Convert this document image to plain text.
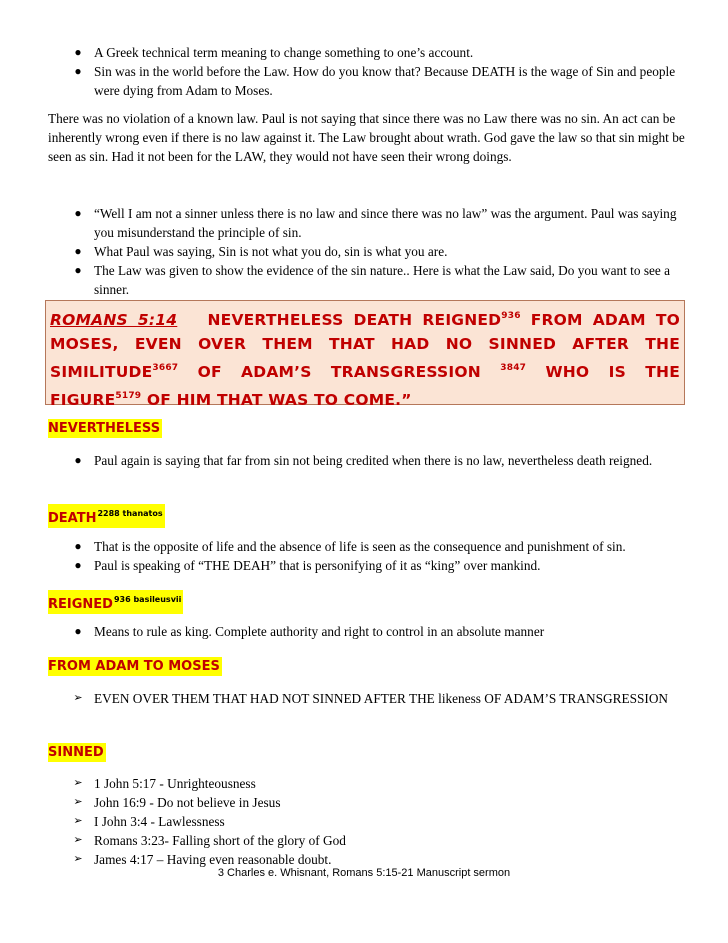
● A Greek technical term meaning to change something to one’s account.
● Sin was in the world before the Law. How do you know that? Because DEATH is the wage of Sin and people were dying from Adam to Moses.
There was no violation of a known law. Paul is not saying that since there was no Law there was no sin. An act can be inherently wrong even if there is no law against it. The Law brought about wrath. God gave the law so that sin might be seen as sin. Had it not been for the LAW, they would not have seen their wrong doings.
● “Well I am not a sinner unless there is no law and since there was no law” was the argument. Paul was saying you misunderstand the principle of sin.
● What Paul was saying, Sin is not what you do, sin is what you are.
● The Law was given to show the evidence of the sin nature.. Here is what the Law said, Do you want to see a sinner.
ROMANS 5:14 NEVERTHELESS DEATH REIGNED$^{936}$ FROM ADAM TO MOSES, EVEN OVER THEM THAT HAD NO SINNED AFTER THE $SIMILITUDE^{3667}$ OF ADAM’S TRANSGRESSION $^{3847}$ WHO IS THE $FIGURE^{5179}$ OF HIM THAT WAS TO COME.”
NEVERTHELESS
● Paul again is saying that far from sin not being credited when there is no law, nevertheless death reigned.
$DEATH^{2288 thanatos}$
● That is the opposite of life and the absence of life is seen as the consequence and punishment of sin.
● Paul is speaking of “THE DEAH” that is personifying of it as “king” over mankind.
$REIGNED^{936 basileusvii}$
● Means to rule as king. Complete authority and right to control in an absolute manner
FROM ADAM TO MOSES
➢ EVEN OVER THEM THAT HAD NOT SINNED AFTER THE likeness OF ADAM’S TRANSGRESSION
SINNED
➢ 1 John 5:17 - Unrighteousness
➢ John 16:9 - Do not believe in Jesus
➢ I John 3:4 - Lawlessness
➢ Romans 3:23- Falling short of the glory of God
➢ James 4:17 – Having even reasonable doubt.
3 Charles e. Whisnant, Romans 5:15-21 Manuscript sermon
